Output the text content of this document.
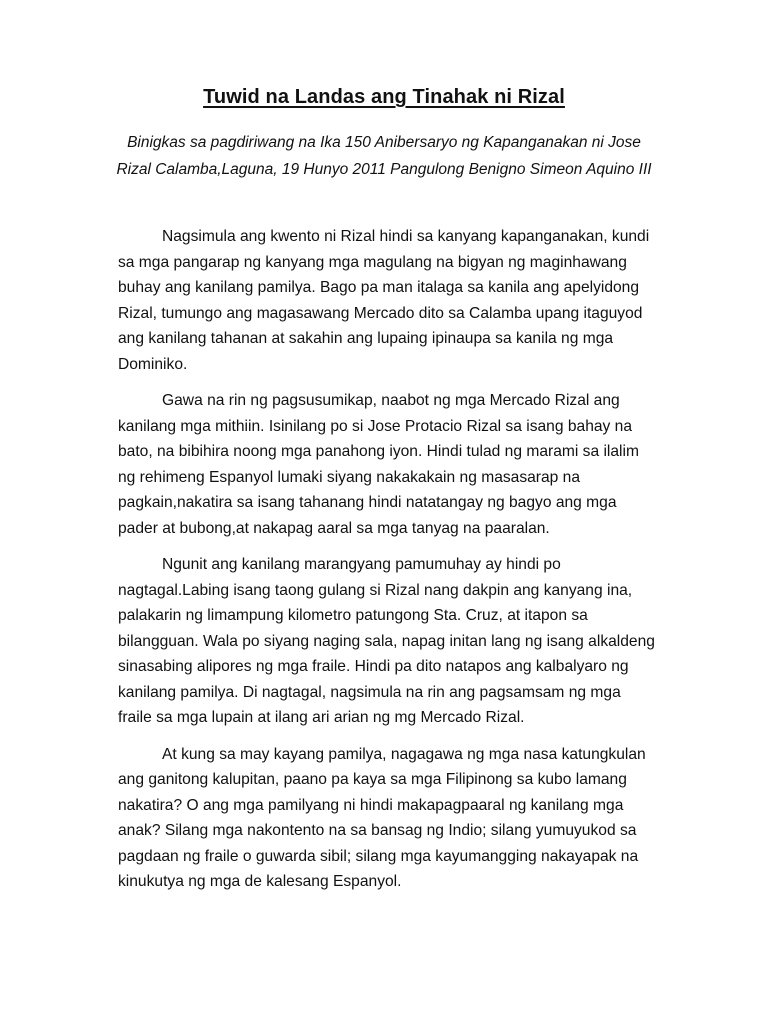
Tuwid na Landas ang Tinahak ni Rizal

Binigkas sa pagdiriwang na Ika 150 Anibersaryo ng Kapanganakan ni Jose Rizal Calamba,Laguna, 19 Hunyo 2011 Pangulong Benigno Simeon Aquino III

Nagsimula ang kwento ni Rizal hindi sa kanyang kapanganakan, kundi sa mga pangarap ng kanyang mga magulang na bigyan ng maginhawang buhay ang kanilang pamilya. Bago pa man italaga sa kanila ang apelyidong Rizal, tumungo ang magasawang Mercado dito sa Calamba upang itaguyod ang kanilang tahanan at sakahin ang lupaing ipinaupa sa kanila ng mga Dominiko.

Gawa na rin ng pagsusumikap, naabot ng mga Mercado Rizal ang kanilang mga mithiin. Isinilang po si Jose Protacio Rizal sa isang bahay na bato, na bibihira noong mga panahong iyon. Hindi tulad ng marami sa ilalim ng rehimeng Espanyol lumaki siyang nakakakain ng masasarap na pagkain,nakatira sa isang tahanang hindi natatangay ng bagyo ang mga pader at bubong,at nakapag aaral sa mga tanyag na paaralan.

Ngunit ang kanilang marangyang pamumuhay ay hindi po nagtagal.Labing isang taong gulang si Rizal nang dakpin ang kanyang ina, palakarin ng limampung kilometro patungong Sta. Cruz, at itapon sa bilangguan. Wala po siyang naging sala, napag initan lang ng isang alkaldeng sinasabing alipores ng mga fraile. Hindi pa dito natapos ang kalbalyaro ng kanilang pamilya. Di nagtagal, nagsimula na rin ang pagsamsam ng mga fraile sa mga lupain at ilang ari arian ng mg Mercado Rizal.

At kung sa may kayang pamilya, nagagawa ng mga nasa katungkulan ang ganitong kalupitan, paano pa kaya sa mga Filipinong sa kubo lamang nakatira? O ang mga pamilyang ni hindi makapagpaaral ng kanilang mga anak? Silang mga nakontento na sa bansag ng Indio; silang yumuyukod sa pagdaan ng fraile o guwarda sibil; silang mga kayumangging nakayapak na kinukutya ng mga de kalesang Espanyol.
